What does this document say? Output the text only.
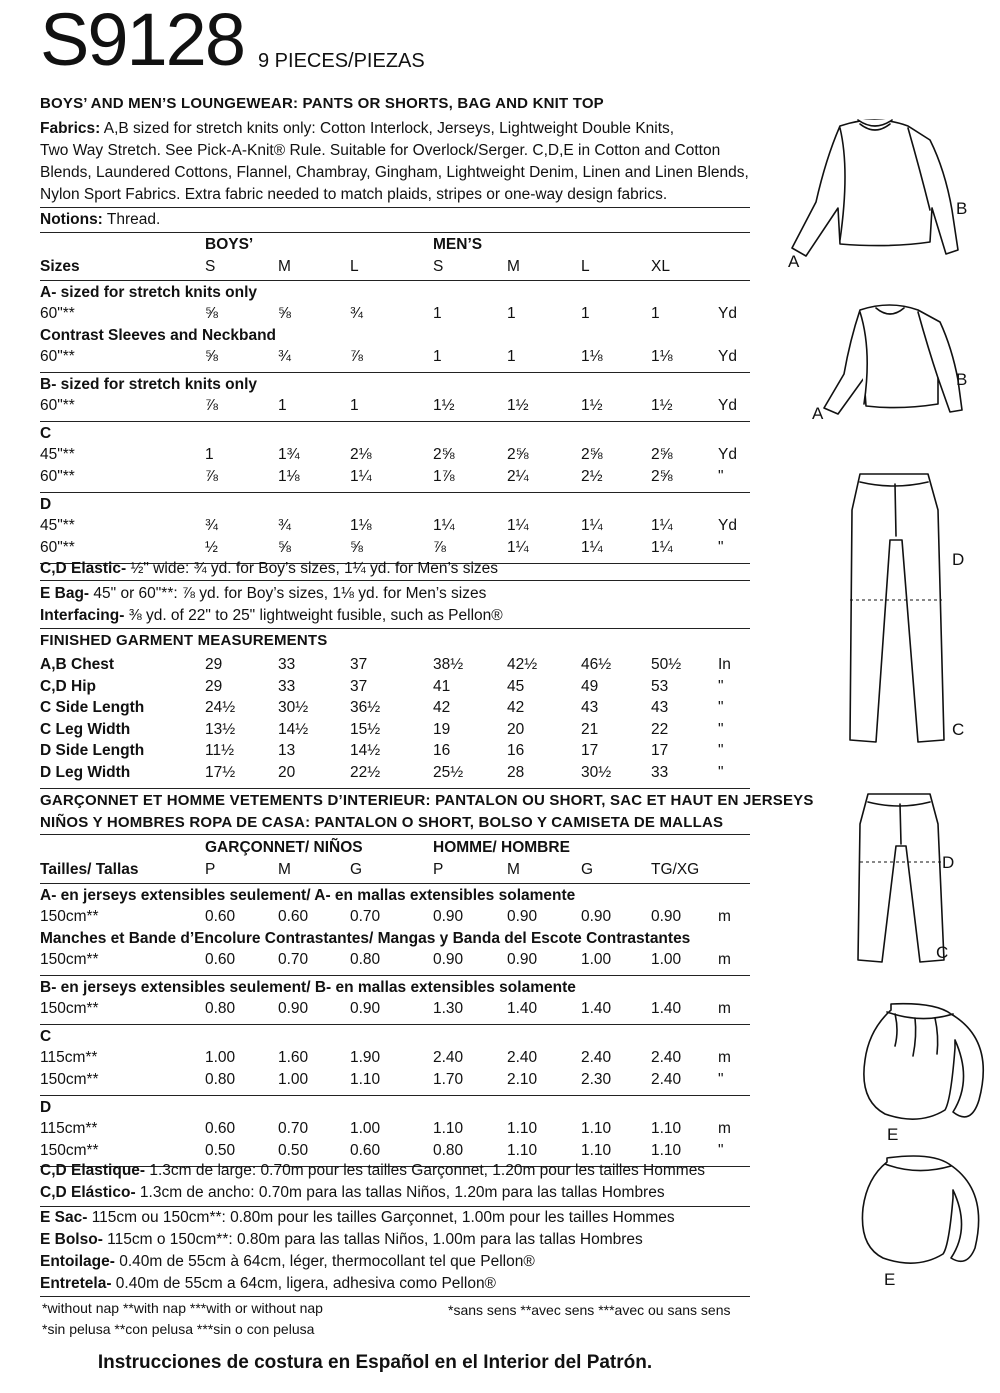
S9128 9 PIECES/PIEZAS
BOYS’ AND MEN’S LOUNGEWEAR: PANTS OR SHORTS, BAG AND KNIT TOP
Fabrics: A,B sized for stretch knits only: Cotton Interlock, Jerseys, Lightweight Double Knits,
Two Way Stretch. See Pick-A-Knit® Rule. Suitable for Overlock/Serger. C,D,E in Cotton and Cotton
Blends, Laundered Cottons, Flannel, Chambray, Gingham, Lightweight Denim, Linen and Linen Blends,
Nylon Sport Fabrics. Extra fabric needed to match plaids, stripes or one-way design fabrics.
Notions: Thread.
BOYS’	MEN’S
Sizes	S	M	L	S	M	L	XL
A- sized for stretch knits only
60"**	⅝	⅝	¾	1	1	1	1	Yd
Contrast Sleeves and Neckband
60"**	⅝	¾	⅞	1	1	1⅛	1⅛	Yd
B- sized for stretch knits only
60"**	⅞	1	1	1½	1½	1½	1½	Yd
C
45"**	1	1¾	2⅛	2⅝	2⅝	2⅝	2⅝	Yd
60"**	⅞	1⅛	1¼	1⅞	2¼	2½	2⅝	"
D
45"**	¾	¾	1⅛	1¼	1¼	1¼	1¼	Yd
60"**	½	⅝	⅝	⅞	1¼	1¼	1¼	"
C,D Elastic- ½" wide: ¾ yd. for Boy’s sizes, 1¼ yd. for Men’s sizes
E Bag- 45" or 60"**: ⅞ yd. for Boy’s sizes, 1⅛ yd. for Men’s sizes
Interfacing- ⅜ yd. of 22" to 25" lightweight fusible, such as Pellon®
FINISHED GARMENT MEASUREMENTS
A,B Chest	29	33	37	38½	42½	46½	50½ In
C,D Hip	29	33	37	41	45	49	53	"
C Side Length	24½	30½	36½	42	42	43	43	"
C Leg Width	13½	14½	15½	19	20	21	22	"
D Side Length	11½	13	14½	16	16	17	17	"
D Leg Width	17½	20	22½	25½	28	30½	33	"
GARÇONNET ET HOMME VETEMENTS D’INTERIEUR: PANTALON OU SHORT, SAC ET HAUT EN JERSEYS
NIÑOS Y HOMBRES ROPA DE CASA: PANTALON O SHORT, BOLSO Y CAMISETA DE MALLAS
GARÇONNET/ NIÑOS	HOMME/ HOMBRE
Tailles/ Tallas	P	M	G	P	M	G	TG/XG
A- en jerseys extensibles seulement/ A- en mallas extensibles solamente
150cm**	0.60	0.60	0.70	0.90	0.90	0.90	0.90 m
Manches et Bande d’Encolure Contrastantes/ Mangas y Banda del Escote Contrastantes
150cm**	0.60	0.70	0.80	0.90	0.90	1.00	1.00 m
B- en jerseys extensibles seulement/ B- en mallas extensibles solamente
150cm**	0.80	0.90	0.90	1.30	1.40	1.40	1.40 m
C
115cm**	1.00	1.60	1.90	2.40	2.40	2.40	2.40 m
150cm**	0.80	1.00	1.10	1.70	2.10	2.30	2.40 "
D
115cm**	0.60	0.70	1.00	1.10	1.10	1.10	1.10 m
150cm**	0.50	0.50	0.60	0.80	1.10	1.10	1.10 "
C,D Elastique- 1.3cm de large: 0.70m pour les tailles Garçonnet, 1.20m pour les tailles Hommes
C,D Elástico- 1.3cm de ancho: 0.70m para las tallas Niños, 1.20m para las tallas Hombres
E Sac- 115cm ou 150cm**: 0.80m pour les tailles Garçonnet, 1.00m pour les tailles Hommes
E Bolso- 115cm o 150cm**: 0.80m para las tallas Niños, 1.00m para las tallas Hombres
Entoilage- 0.40m de 55cm à 64cm, léger, thermocollant tel que Pellon®
Entretela- 0.40m de 55cm a 64cm, ligera, adhesiva como Pellon®
*without nap **with nap ***with or without nap
*sin pelusa **con pelusa ***sin o con pelusa
*sans sens **avec sens ***avec ou sans sens
Instrucciones de costura en Español en el Interior del Patrón.
B
A
B
A
D
C
D
C
E
E
